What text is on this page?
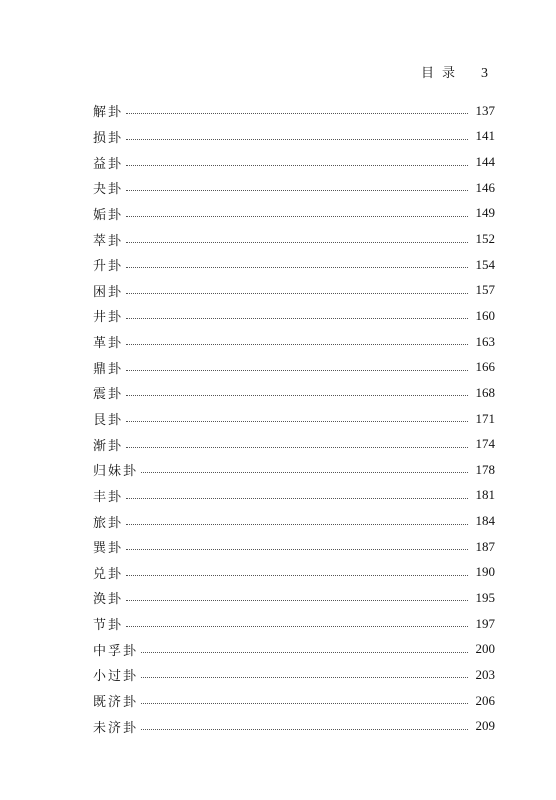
目录 3
解卦	137
损卦	141
益卦	144
夬卦	146
姤卦	149
萃卦	152
升卦	154
困卦	157
井卦	160
革卦	163
鼎卦	166
震卦	168
艮卦	171
渐卦	174
归妹卦	178
丰卦	181
旅卦	184
巽卦	187
兑卦	190
涣卦	195
节卦	197
中孚卦	200
小过卦	203
既济卦	206
未济卦	209
